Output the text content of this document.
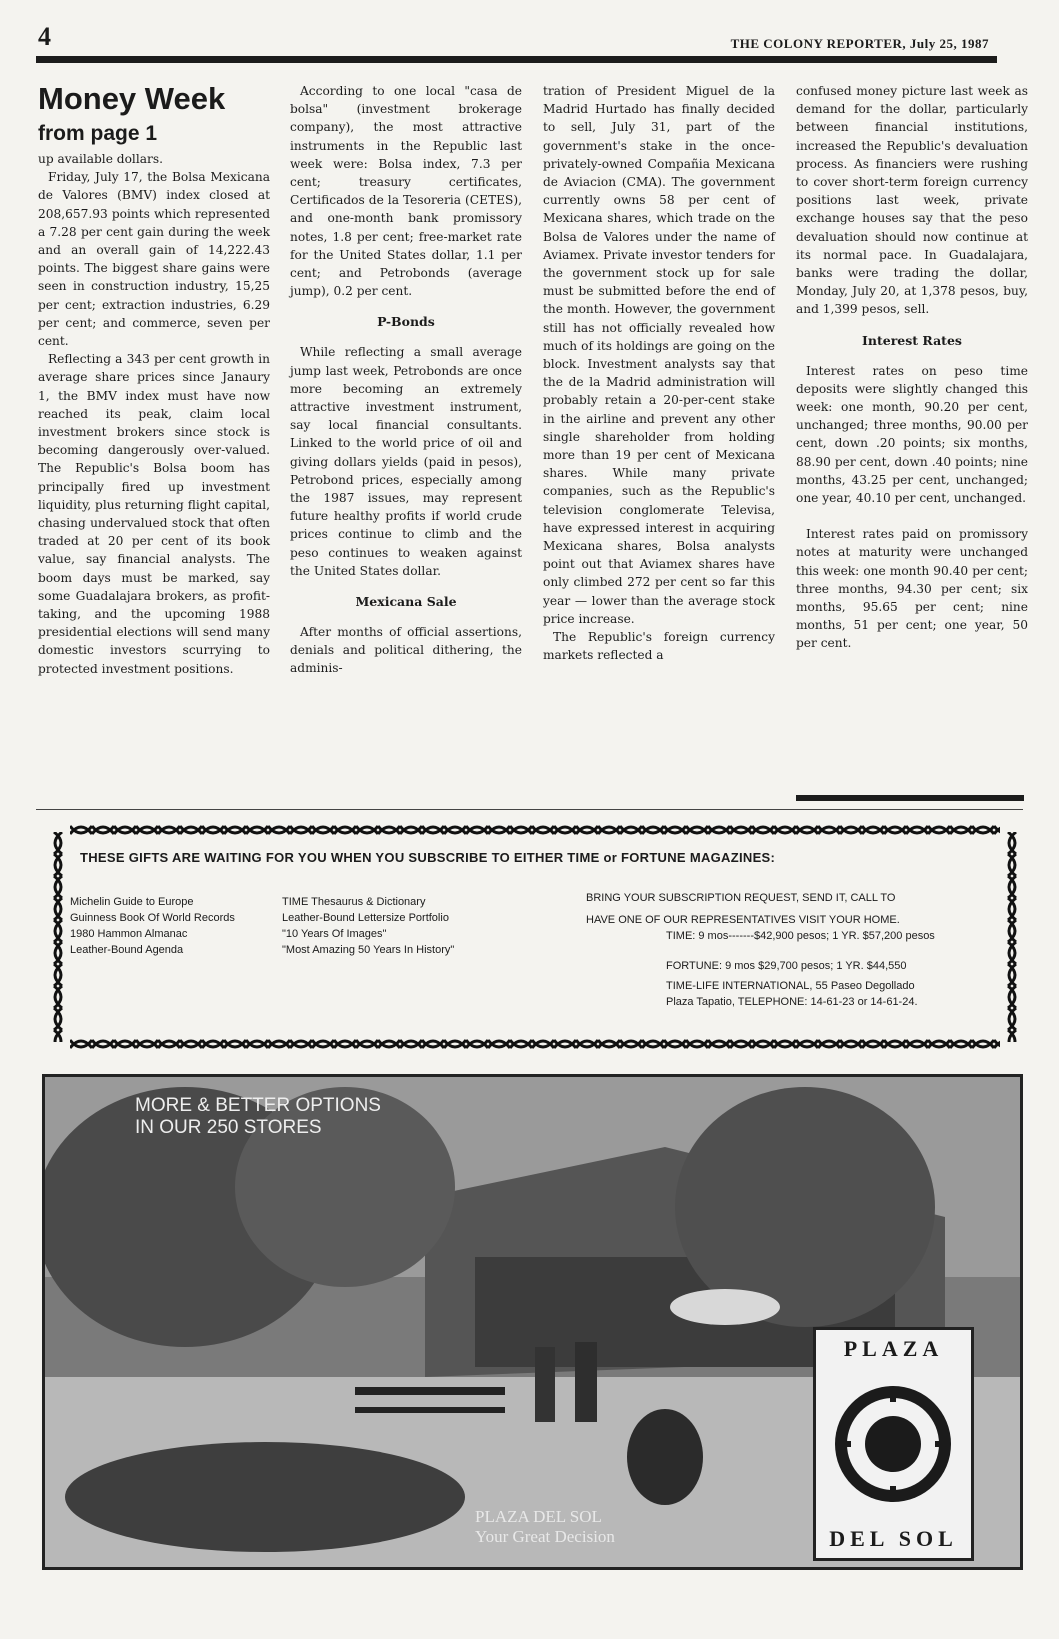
4	THE COLONY REPORTER, July 25, 1987
Money Week
from page 1

up available dollars.

Friday, July 17, the Bolsa Mexicana de Valores (BMV) index closed at 208,657.93 points which represented a 7.28 per cent gain during the week and an overall gain of 14,222.43 points. The biggest share gains were seen in construction industry, 15,25 per cent; extraction industries, 6.29 per cent; and commerce, seven per cent.

Reflecting a 343 per cent growth in average share prices since Janaury 1, the BMV index must have now reached its peak, claim local investment brokers since stock is becoming dangerously over-valued. The Republic's Bolsa boom has principally fired up investment liquidity, plus returning flight capital, chasing undervalued stock that often traded at 20 per cent of its book value, say financial analysts. The boom days must be marked, say some Guadalajara brokers, as profit-taking, and the upcoming 1988 presidential elections will send many domestic investors scurrying to protected investment positions.

According to one local "casa de bolsa" (investment brokerage company), the most attractive instruments in the Republic last week were: Bolsa index, 7.3 per cent; treasury certificates, Certificados de la Tesoreria (CETES), and one-month bank promissory notes, 1.8 per cent; free-market rate for the United States dollar, 1.1 per cent; and Petrobonds (average jump), 0.2 per cent.

P-Bonds

While reflecting a small average jump last week, Petrobonds are once more becoming an extremely attractive investment instrument, say local financial consultants. Linked to the world price of oil and giving dollars yields (paid in pesos), Petrobond prices, especially among the 1987 issues, may represent future healthy profits if world crude prices continue to climb and the peso continues to weaken against the United States dollar.

Mexicana Sale

After months of official assertions, denials and political dithering, the adminis-

tration of President Miguel de la Madrid Hurtado has finally decided to sell, July 31, part of the government's stake in the once-privately-owned Compañia Mexicana de Aviacion (CMA). The government currently owns 58 per cent of Mexicana shares, which trade on the Bolsa de Valores under the name of Aviamex. Private investor tenders for the government stock up for sale must be submitted before the end of the month. However, the government still has not officially revealed how much of its holdings are going on the block. Investment analysts say that the de la Madrid administration will probably retain a 20-per-cent stake in the airline and prevent any other single shareholder from holding more than 19 per cent of Mexicana shares. While many private companies, such as the Republic's television conglomerate Televisa, have expressed interest in acquiring Mexicana shares, Bolsa analysts point out that Aviamex shares have only climbed 272 per cent so far this year — lower than the average stock price increase.

The Republic's foreign currency markets reflected a

confused money picture last week as demand for the dollar, particularly between financial institutions, increased the Republic's devaluation process. As financiers were rushing to cover short-term foreign currency positions last week, private exchange houses say that the peso devaluation should now continue at its normal pace. In Guadalajara, banks were trading the dollar, Monday, July 20, at 1,378 pesos, buy, and 1,399 pesos, sell.

Interest Rates

Interest rates on peso time deposits were slightly changed this week: one month, 90.20 per cent, unchanged; three months, 90.00 per cent, down .20 points; six months, 88.90 per cent, down .40 points; nine months, 43.25 per cent, unchanged; one year, 40.10 per cent, unchanged.

Interest rates paid on promissory notes at maturity were unchanged this week: one month 90.40 per cent; three months, 94.30 per cent; six months, 95.65 per cent; nine months, 51 per cent; one year, 50 per cent.

THESE GIFTS ARE WAITING FOR YOU WHEN YOU SUBSCRIBE TO EITHER TIME or FORTUNE MAGAZINES:
Michelin Guide to Europe
Guinness Book Of World Records
1980 Hammon Almanac
Leather-Bound Agenda
TIME Thesaurus & Dictionary
Leather-Bound Lettersize Portfolio
"10 Years Of Images"
"Most Amazing 50 Years In History"
BRING YOUR SUBSCRIPTION REQUEST, SEND IT, CALL TO
HAVE ONE OF OUR REPRESENTATIVES VISIT YOUR HOME.
TIME: 9 mos-------$42,900 pesos; 1 YR. $57,200 pesos
FORTUNE: 9 mos $29,700 pesos; 1 YR. $44,550
TIME-LIFE INTERNATIONAL, 55 Paseo Degollado
Plaza Tapatio, TELEPHONE: 14-61-23 or 14-61-24.
MORE & BETTER OPTIONS
IN OUR 250 STORES
PLAZA DEL SOL
Your Great Decision
PLAZA
DEL SOL
